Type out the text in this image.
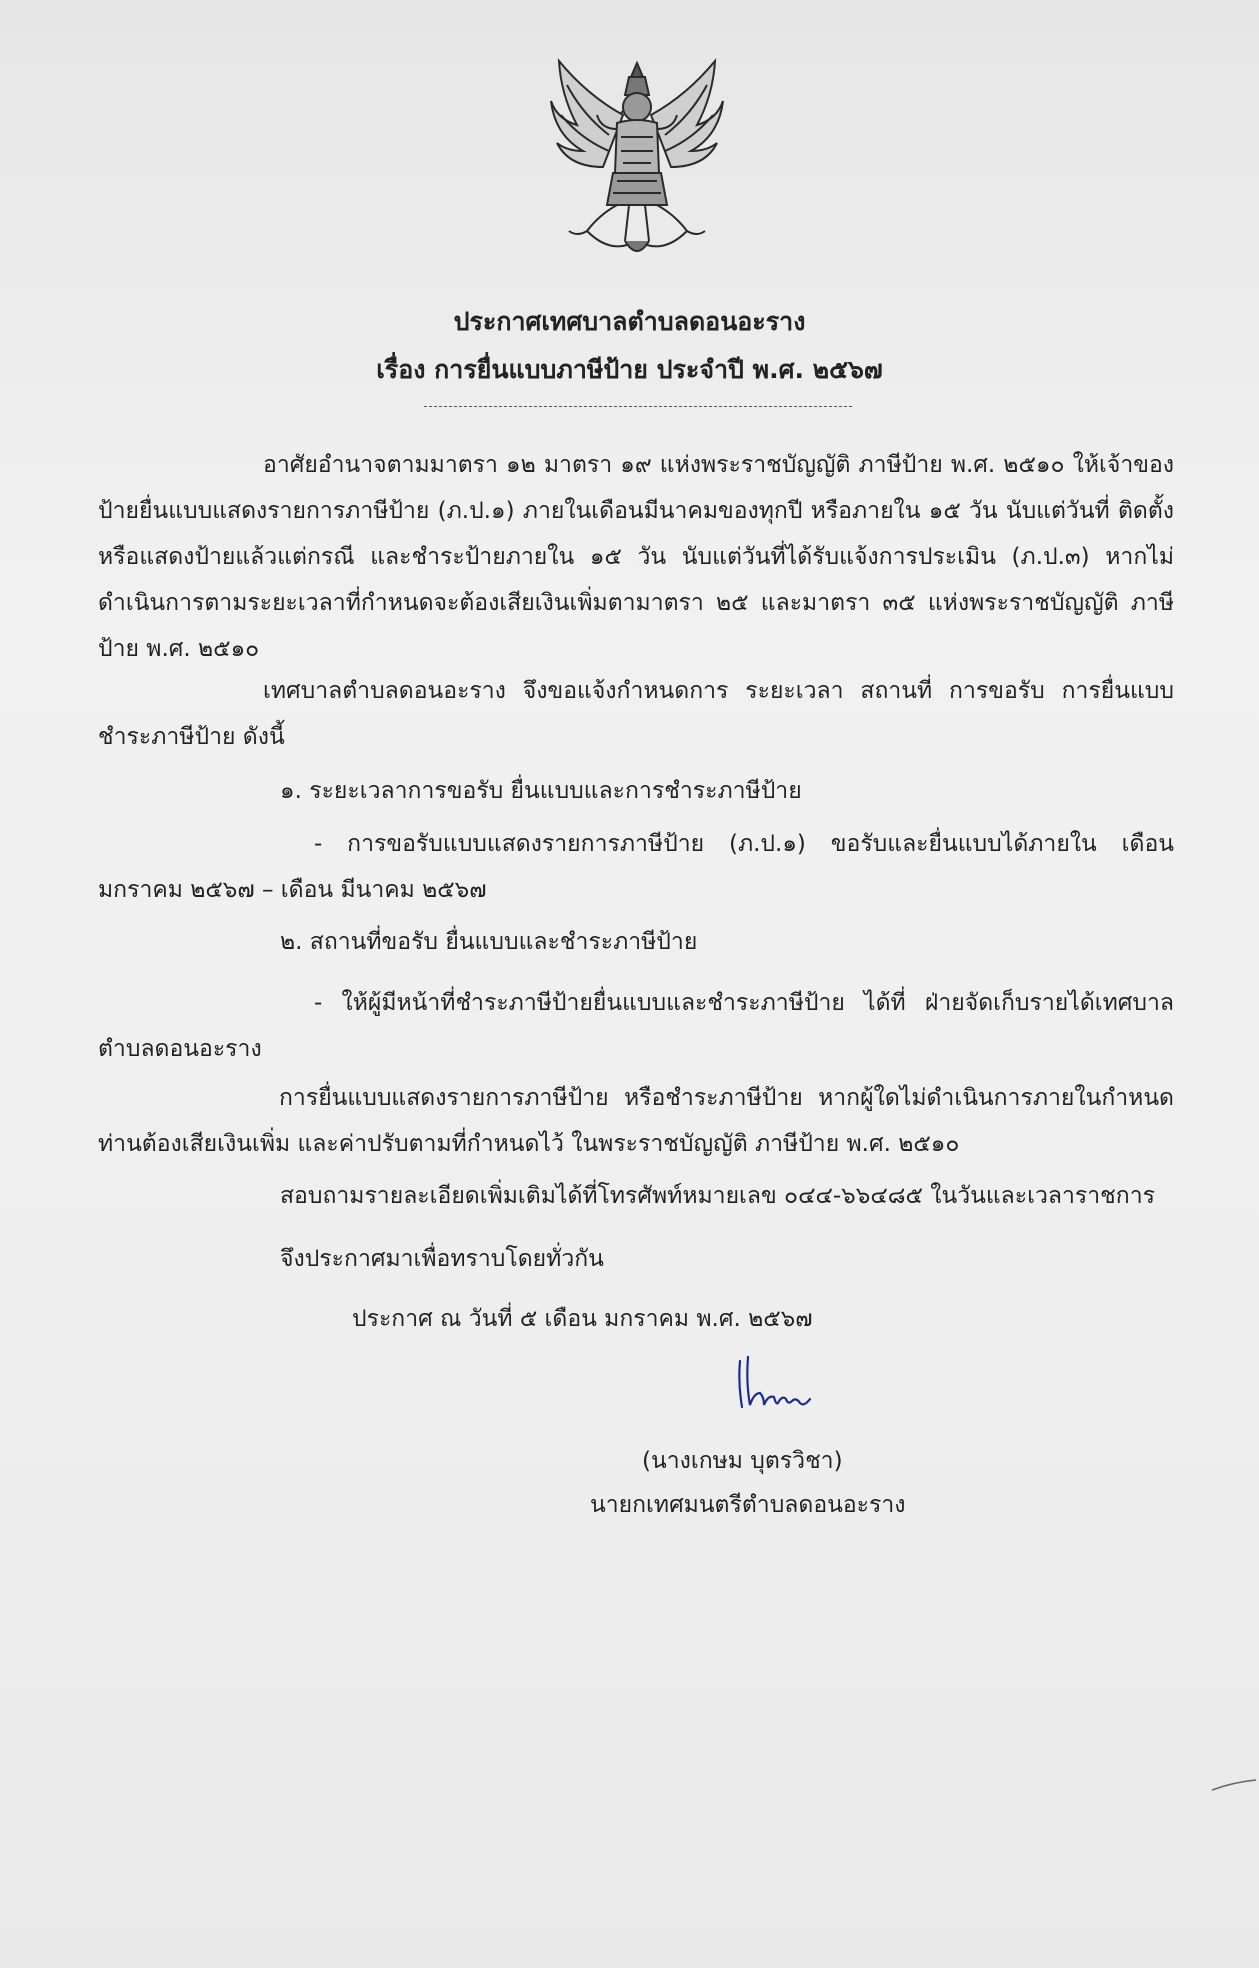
ประกาศเทศบาลตำบลดอนอะราง
เรื่อง การยื่นแบบภาษีป้าย ประจำปี พ.ศ. ๒๕๖๗
อาศัยอำนาจตามมาตรา ๑๒ มาตรา ๑๙ แห่งพระราชบัญญัติ ภาษีป้าย พ.ศ. ๒๕๑๐ ให้เจ้าของป้ายยื่นแบบแสดงรายการภาษีป้าย (ภ.ป.๑) ภายในเดือนมีนาคมของทุกปี หรือภายใน ๑๕ วัน นับแต่วันที่ ติดตั้งหรือแสดงป้ายแล้วแต่กรณี และชำระป้ายภายใน ๑๕ วัน นับแต่วันที่ได้รับแจ้งการประเมิน (ภ.ป.๓) หากไม่ดำเนินการตามระยะเวลาที่กำหนดจะต้องเสียเงินเพิ่มตามาตรา ๒๕ และมาตรา ๓๕ แห่งพระราชบัญญัติ ภาษีป้าย พ.ศ. ๒๕๑๐
เทศบาลตำบลดอนอะราง จึงขอแจ้งกำหนดการ ระยะเวลา สถานที่ การขอรับ การยื่นแบบ ชำระภาษีป้าย ดังนี้
๑. ระยะเวลาการขอรับ ยื่นแบบและการชำระภาษีป้าย
- การขอรับแบบแสดงรายการภาษีป้าย (ภ.ป.๑) ขอรับและยื่นแบบได้ภายใน เดือน มกราคม ๒๕๖๗ – เดือน มีนาคม ๒๕๖๗
๒. สถานที่ขอรับ ยื่นแบบและชำระภาษีป้าย
- ให้ผู้มีหน้าที่ชำระภาษีป้ายยื่นแบบและชำระภาษีป้าย ได้ที่ ฝ่ายจัดเก็บรายได้เทศบาล ตำบลดอนอะราง
การยื่นแบบแสดงรายการภาษีป้าย หรือชำระภาษีป้าย หากผู้ใดไม่ดำเนินการภายในกำหนด ท่านต้องเสียเงินเพิ่ม และค่าปรับตามที่กำหนดไว้ ในพระราชบัญญัติ ภาษีป้าย พ.ศ. ๒๕๑๐
สอบถามรายละเอียดเพิ่มเติมได้ที่โทรศัพท์หมายเลข ๐๔๔-๖๖๔๘๕ ในวันและเวลาราชการ
จึงประกาศมาเพื่อทราบโดยทั่วกัน
ประกาศ ณ วันที่ ๕ เดือน มกราคม พ.ศ. ๒๕๖๗
(นางเกษม บุตรวิชา)
นายกเทศมนตรีตำบลดอนอะราง
